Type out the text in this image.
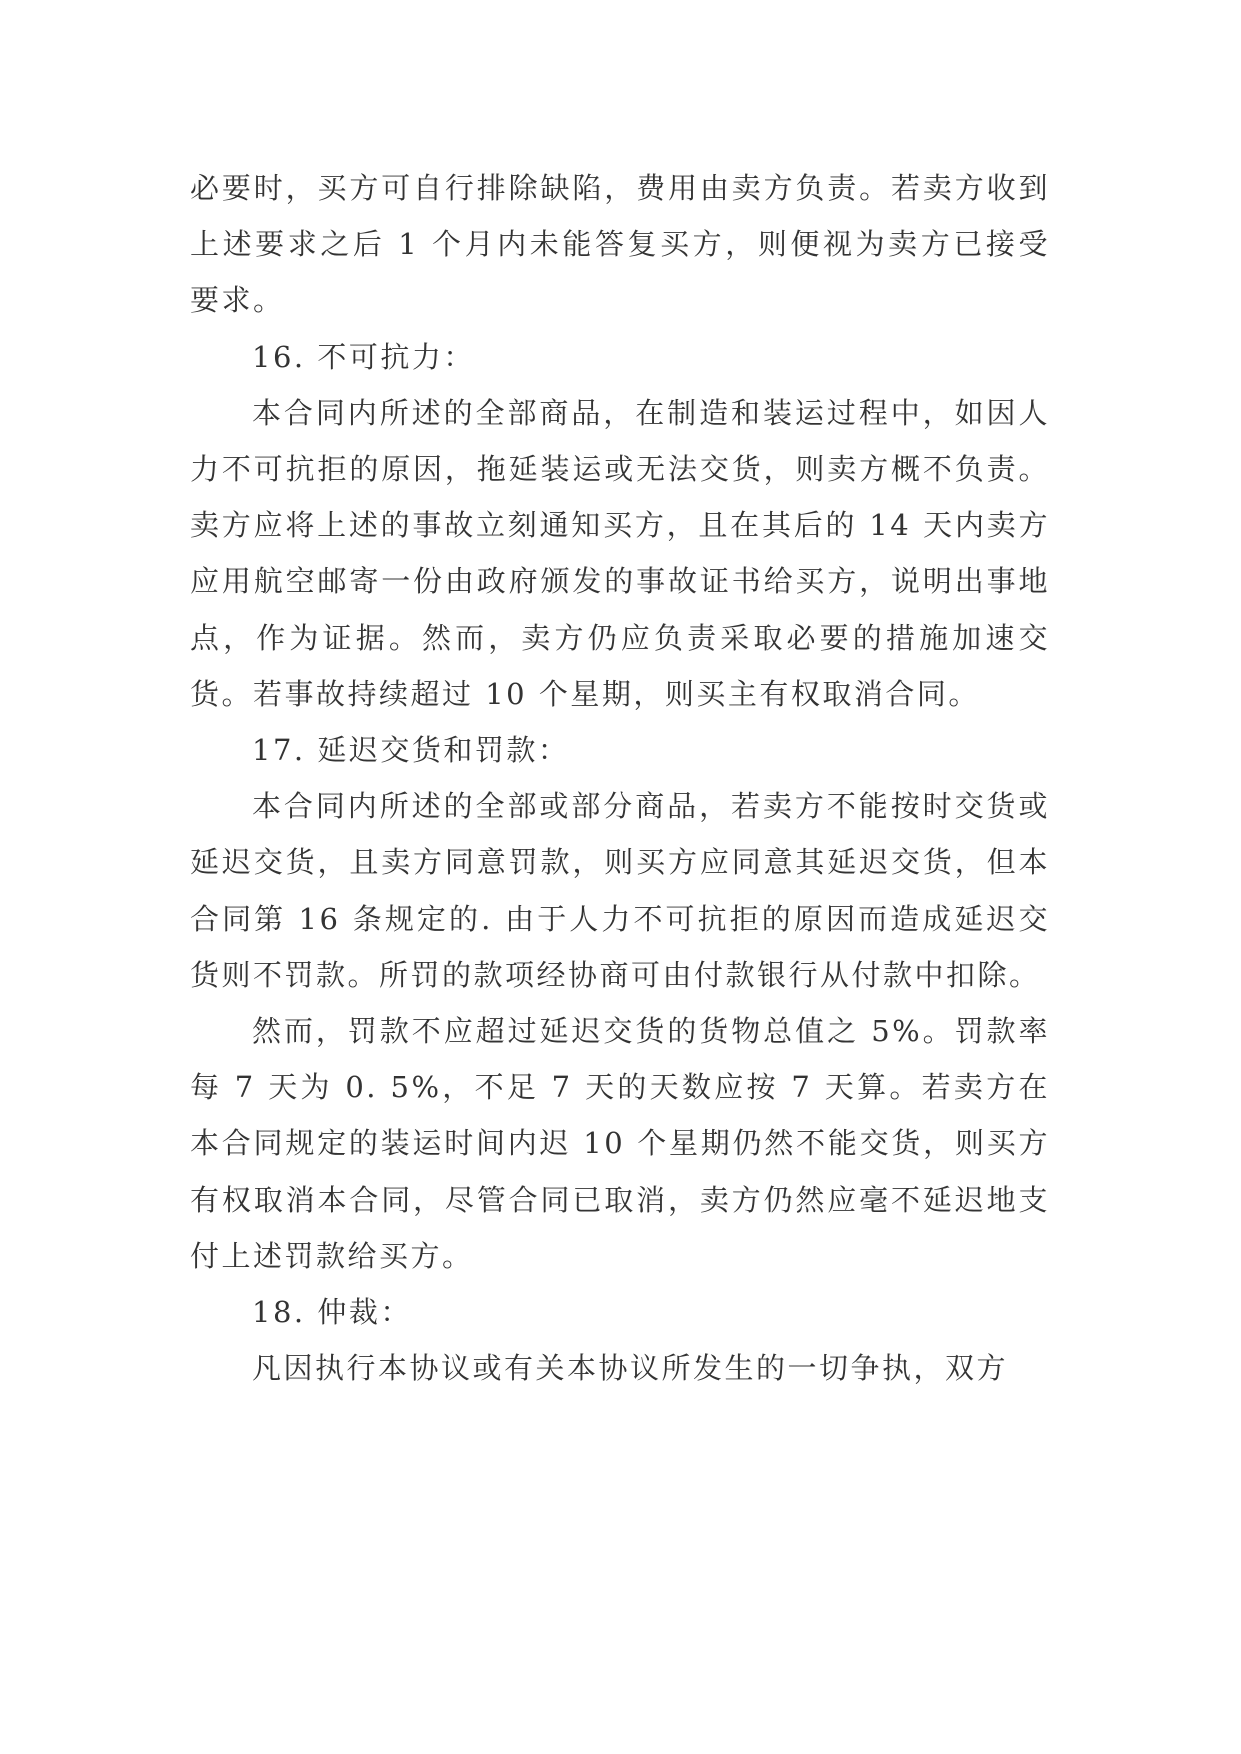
必要时，买方可自行排除缺陷，费用由卖方负责。若卖方收到上述要求之后 1 个月内未能答复买方，则便视为卖方已接受要求。

16. 不可抗力：

本合同内所述的全部商品，在制造和装运过程中，如因人力不可抗拒的原因，拖延装运或无法交货，则卖方概不负责。卖方应将上述的事故立刻通知买方，且在其后的 14 天内卖方应用航空邮寄一份由政府颁发的事故证书给买方，说明出事地点，作为证据。然而，卖方仍应负责采取必要的措施加速交货。若事故持续超过 10 个星期，则买主有权取消合同。

17. 延迟交货和罚款：

本合同内所述的全部或部分商品，若卖方不能按时交货或延迟交货，且卖方同意罚款，则买方应同意其延迟交货，但本合同第 16 条规定的. 由于人力不可抗拒的原因而造成延迟交货则不罚款。所罚的款项经协商可由付款银行从付款中扣除。

然而，罚款不应超过延迟交货的货物总值之 5%。罚款率每 7 天为 0. 5%，不足 7 天的天数应按 7 天算。若卖方在本合同规定的装运时间内迟 10 个星期仍然不能交货，则买方有权取消本合同，尽管合同已取消，卖方仍然应毫不延迟地支付上述罚款给买方。

18. 仲裁：

凡因执行本协议或有关本协议所发生的一切争执，双方
